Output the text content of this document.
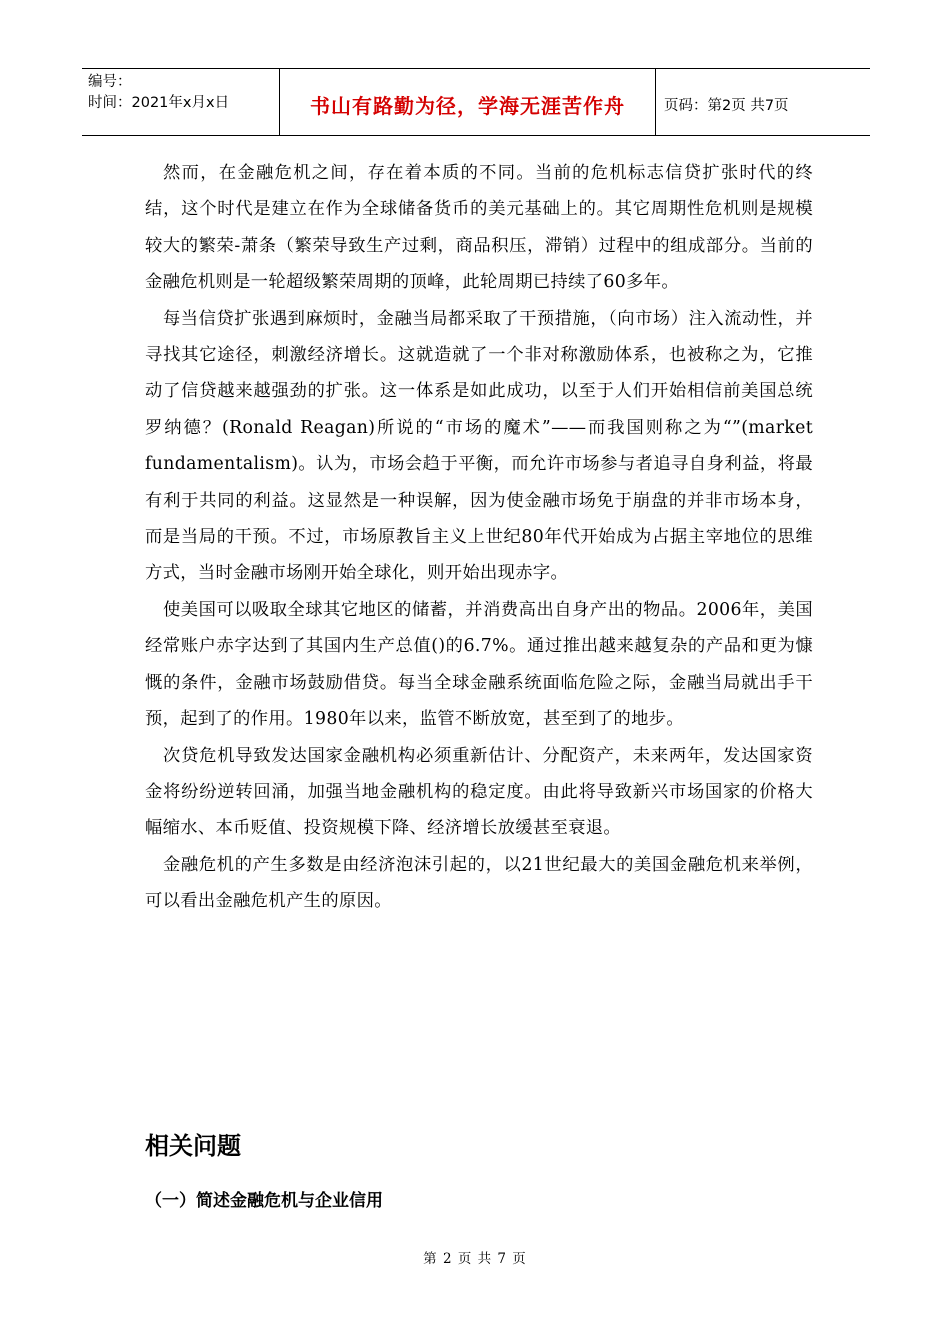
编号：
时间：2021年x月x日	书山有路勤为径，学海无涯苦作舟	页码：第2页 共7页

然而，在金融危机之间，存在着本质的不同。当前的危机标志信贷扩张时代的终结，这个时代是建立在作为全球储备货币的美元基础上的。其它周期性危机则是规模较大的繁荣-萧条（繁荣导致生产过剩，商品积压，滞销）过程中的组成部分。当前的金融危机则是一轮超级繁荣周期的顶峰，此轮周期已持续了60多年。

每当信贷扩张遇到麻烦时，金融当局都采取了干预措施，（向市场）注入流动性，并寻找其它途径，刺激经济增长。这就造就了一个非对称激励体系，也被称之为，它推动了信贷越来越强劲的扩张。这一体系是如此成功，以至于人们开始相信前美国总统罗纳德？(Ronald Reagan)所说的“市场的魔术”——而我国则称之为“”(market fundamentalism)。认为，市场会趋于平衡，而允许市场参与者追寻自身利益，将最有利于共同的利益。这显然是一种误解，因为使金融市场免于崩盘的并非市场本身，而是当局的干预。不过，市场原教旨主义上世纪80年代开始成为占据主宰地位的思维方式，当时金融市场刚开始全球化，则开始出现赤字。

使美国可以吸取全球其它地区的储蓄，并消费高出自身产出的物品。2006年，美国经常账户赤字达到了其国内生产总值()的6.7%。通过推出越来越复杂的产品和更为慷慨的条件，金融市场鼓励借贷。每当全球金融系统面临危险之际，金融当局就出手干预，起到了的作用。1980年以来，监管不断放宽，甚至到了的地步。

次贷危机导致发达国家金融机构必须重新估计、分配资产，未来两年，发达国家资金将纷纷逆转回涌，加强当地金融机构的稳定度。由此将导致新兴市场国家的价格大幅缩水、本币贬值、投资规模下降、经济增长放缓甚至衰退。

金融危机的产生多数是由经济泡沫引起的，以21世纪最大的美国金融危机来举例，可以看出金融危机产生的原因。

相关问题
（一）简述金融危机与企业信用
第 2 页 共 7 页
